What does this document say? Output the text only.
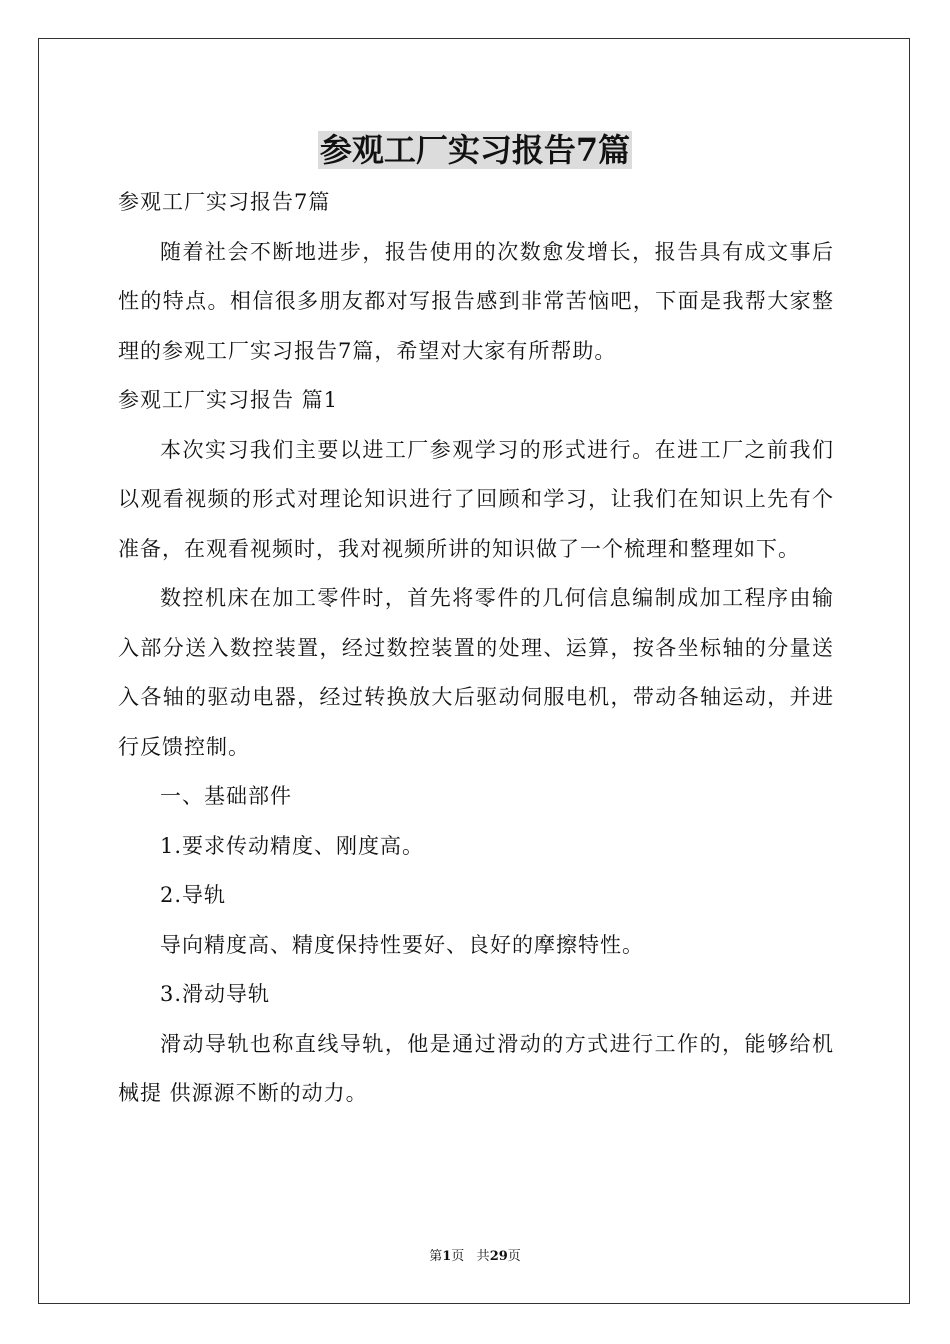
参观工厂实习报告7篇

参观工厂实习报告7篇

随着社会不断地进步，报告使用的次数愈发增长，报告具有成文事后性的特点。相信很多朋友都对写报告感到非常苦恼吧，下面是我帮大家整理的参观工厂实习报告7篇，希望对大家有所帮助。

参观工厂实习报告 篇1

本次实习我们主要以进工厂参观学习的形式进行。在进工厂之前我们以观看视频的形式对理论知识进行了回顾和学习，让我们在知识上先有个准备，在观看视频时，我对视频所讲的知识做了一个梳理和整理如下。

数控机床在加工零件时，首先将零件的几何信息编制成加工程序由输入部分送入数控装置，经过数控装置的处理、运算，按各坐标轴的分量送入各轴的驱动电器，经过转换放大后驱动伺服电机，带动各轴运动，并进行反馈控制。

一、基础部件

1.要求传动精度、刚度高。

2.导轨

导向精度高、精度保持性要好、良好的摩擦特性。

3.滑动导轨

滑动导轨也称直线导轨，他是通过滑动的方式进行工作的，能够给机械提 供源源不断的动力。

第1页 共29页
